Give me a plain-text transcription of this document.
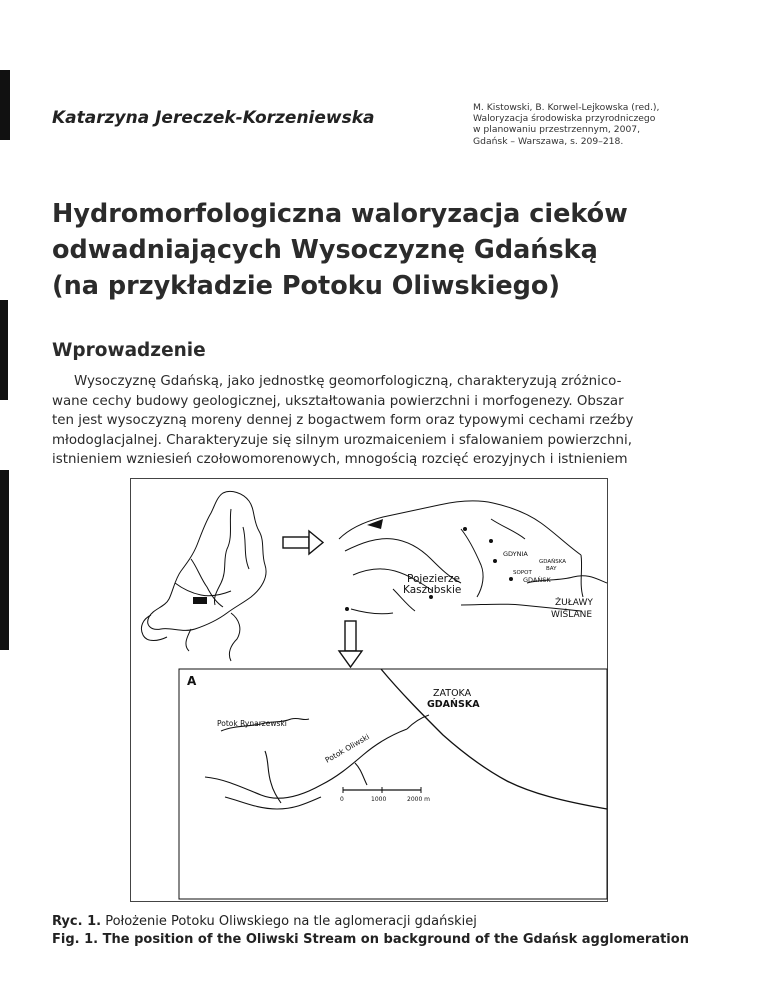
Katarzyna Jereczek-Korzeniewska
M. Kistowski, B. Korwel-Lejkowska (red.),
Waloryzacja środowiska przyrodniczego
w planowaniu przestrzennym, 2007,
Gdańsk – Warszawa, s. 209–218.
Hydromorfologiczna waloryzacja cieków
odwadniających Wysoczyznę Gdańską
(na przykładzie Potoku Oliwskiego)
Wprowadzenie
Wysoczyznę Gdańską, jako jednostkę geomorfologiczną, charakteryzują zróżnico-
wane cechy budowy geologicznej, ukształtowania powierzchni i morfogenezy. Obszar
ten jest wysoczyzną moreny dennej z bogactwem form oraz typowymi cechami rzeźby
młodoglacjalnej. Charakteryzuje się silnym urozmaiceniem i sfalowaniem powierzchni,
istnieniem wzniesień czołowomorenowych, mnogością rozcięć erozyjnych i istnieniem
GDYNIA
GDAŃSKA
BAY
SOPOT
GDAŃSK
Pojezierze
Kaszubskie
ŻUŁAWY
WIŚLANE
A
ZATOKA
GDAŃSKA
Potok Rynarzewski
Potok Oliwski
0	1000	2000 m
Ryc. 1. Położenie Potoku Oliwskiego na tle aglomeracji gdańskiej
Fig. 1. The position of the Oliwski Stream on background of the Gdańsk agglomeration
